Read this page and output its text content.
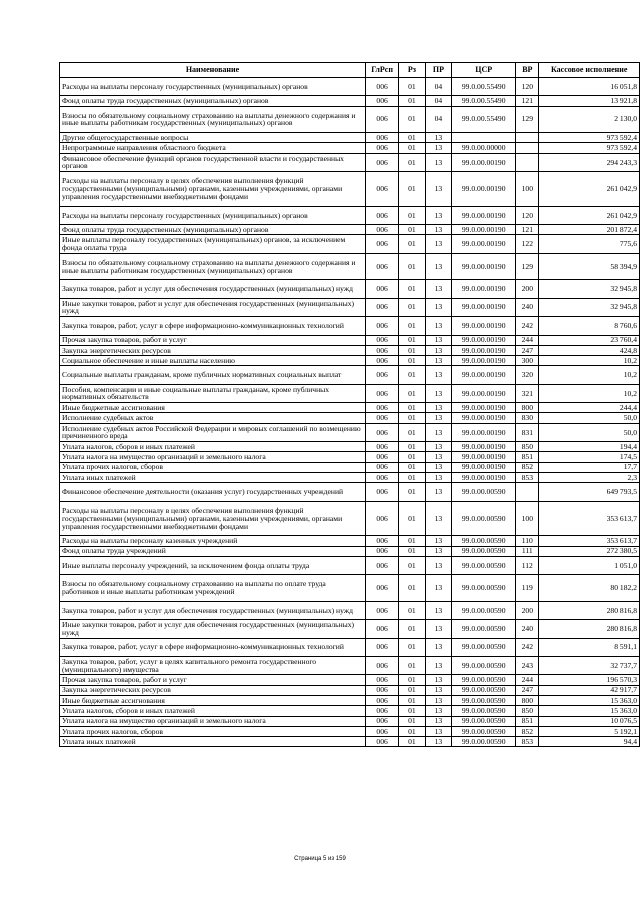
Наименование	ГлРсп	Рз	ПР	ЦСР	ВР	Кассовое исполнение
Расходы на выплаты персоналу государственных (муниципальных) органов	006	01	04	99.0.00.55490	120	16 051,8
Фонд оплаты труда государственных (муниципальных) органов	006	01	04	99.0.00.55490	121	13 921,8
Взносы по обязательному социальному страхованию на выплаты денежного содержания и иные выплаты работникам государственных (муниципальных) органов	006	01	04	99.0.00.55490	129	2 130,0
Другие общегосударственные вопросы	006	01	13			973 592,4
Непрограммные направления областного бюджета	006	01	13	99.0.00.00000		973 592,4
Финансовое обеспечение функций органов государственной власти и государственных органов	006	01	13	99.0.00.00190		294 243,3
Расходы на выплаты персоналу в целях обеспечения выполнения функций государственными (муниципальными) органами, казенными учреждениями, органами управления государственными внебюджетными фондами	006	01	13	99.0.00.00190	100	261 042,9
Расходы на выплаты персоналу государственных (муниципальных) органов	006	01	13	99.0.00.00190	120	261 042,9
Фонд оплаты труда государственных (муниципальных) органов	006	01	13	99.0.00.00190	121	201 872,4
Иные выплаты персоналу государственных (муниципальных) органов, за исключением фонда оплаты труда	006	01	13	99.0.00.00190	122	775,6
Взносы по обязательному социальному страхованию на выплаты денежного содержания и иные выплаты работникам государственных (муниципальных) органов	006	01	13	99.0.00.00190	129	58 394,9
Закупка товаров, работ и услуг для обеспечения государственных (муниципальных) нужд	006	01	13	99.0.00.00190	200	32 945,8
Иные закупки товаров, работ и услуг для обеспечения государственных (муниципальных) нужд	006	01	13	99.0.00.00190	240	32 945,8
Закупка товаров, работ, услуг в сфере информационно-коммуникационных технологий	006	01	13	99.0.00.00190	242	8 760,6
Прочая закупка товаров, работ и услуг	006	01	13	99.0.00.00190	244	23 760,4
Закупка энергетических ресурсов	006	01	13	99.0.00.00190	247	424,8
Социальное обеспечение и иные выплаты населению	006	01	13	99.0.00.00190	300	10,2
Социальные выплаты гражданам, кроме публичных нормативных социальных выплат	006	01	13	99.0.00.00190	320	10,2
Пособия, компенсации и иные социальные выплаты гражданам, кроме публичных нормативных обязательств	006	01	13	99.0.00.00190	321	10,2
Иные бюджетные ассигнования	006	01	13	99.0.00.00190	800	244,4
Исполнение судебных актов	006	01	13	99.0.00.00190	830	50,0
Исполнение судебных актов Российской Федерации и мировых соглашений по возмещению причиненного вреда	006	01	13	99.0.00.00190	831	50,0
Уплата налогов, сборов и иных платежей	006	01	13	99.0.00.00190	850	194,4
Уплата налога на имущество организаций и земельного налога	006	01	13	99.0.00.00190	851	174,5
Уплата прочих налогов, сборов	006	01	13	99.0.00.00190	852	17,7
Уплата иных платежей	006	01	13	99.0.00.00190	853	2,3
Финансовое обеспечение деятельности (оказания услуг) государственных учреждений	006	01	13	99.0.00.00590		649 793,5
Расходы на выплаты персоналу в целях обеспечения выполнения функций государственными (муниципальными) органами, казенными учреждениями, органами управления государственными внебюджетными фондами	006	01	13	99.0.00.00590	100	353 613,7
Расходы на выплаты персоналу казенных учреждений	006	01	13	99.0.00.00590	110	353 613,7
Фонд оплаты труда учреждений	006	01	13	99.0.00.00590	111	272 380,5
Иные выплаты персоналу учреждений, за исключением фонда оплаты труда	006	01	13	99.0.00.00590	112	1 051,0
Взносы по обязательному социальному страхованию на выплаты по оплате труда работников и иные выплаты работникам учреждений	006	01	13	99.0.00.00590	119	80 182,2
Закупка товаров, работ и услуг для обеспечения государственных (муниципальных) нужд	006	01	13	99.0.00.00590	200	280 816,8
Иные закупки товаров, работ и услуг для обеспечения государственных (муниципальных) нужд	006	01	13	99.0.00.00590	240	280 816,8
Закупка товаров, работ, услуг в сфере информационно-коммуникационных технологий	006	01	13	99.0.00.00590	242	8 591,1
Закупка товаров, работ, услуг в целях капитального ремонта государственного (муниципального) имущества	006	01	13	99.0.00.00590	243	32 737,7
Прочая закупка товаров, работ и услуг	006	01	13	99.0.00.00590	244	196 570,3
Закупка энергетических ресурсов	006	01	13	99.0.00.00590	247	42 917,7
Иные бюджетные ассигнования	006	01	13	99.0.00.00590	800	15 363,0
Уплата налогов, сборов и иных платежей	006	01	13	99.0.00.00590	850	15 363,0
Уплата налога на имущество организаций и земельного налога	006	01	13	99.0.00.00590	851	10 076,5
Уплата прочих налогов, сборов	006	01	13	99.0.00.00590	852	5 192,1
Уплата иных платежей	006	01	13	99.0.00.00590	853	94,4
Страница 5 из 159
